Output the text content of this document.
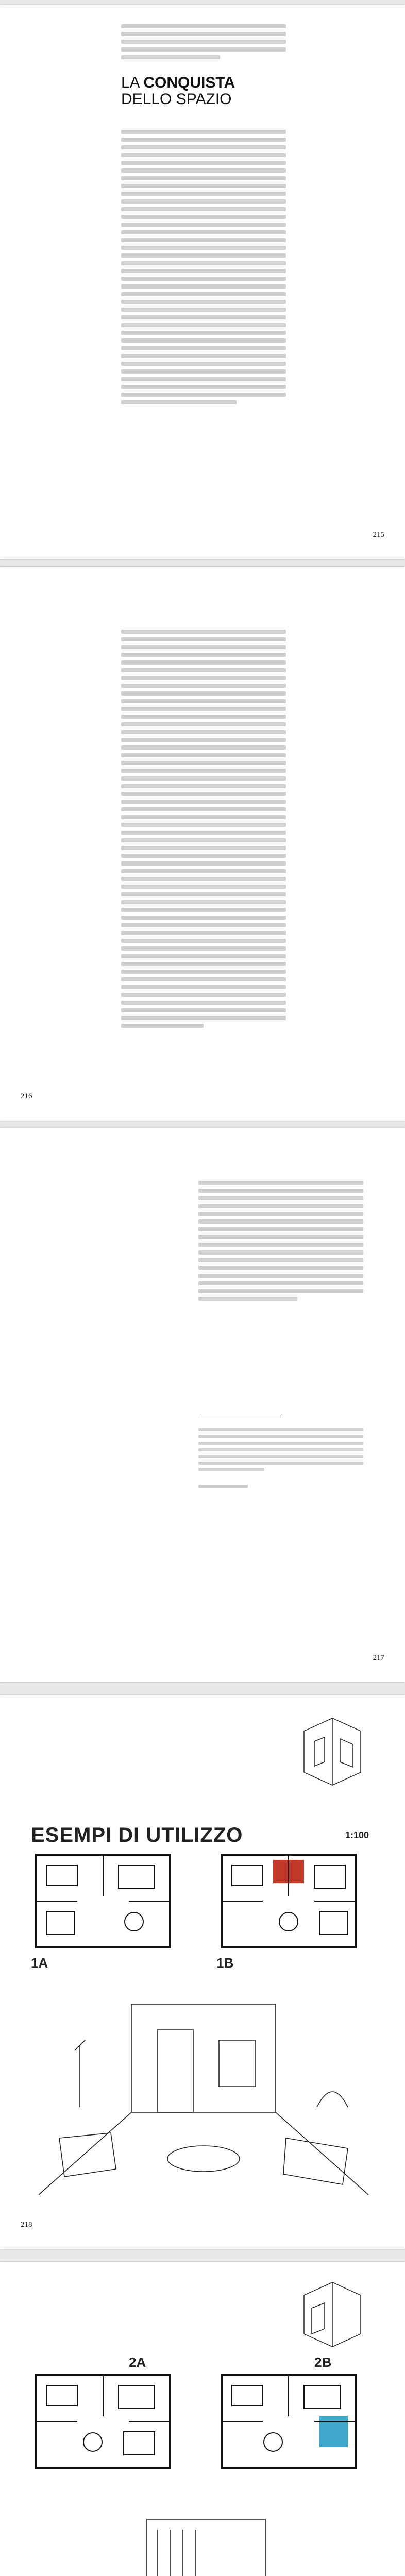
LA CONQUISTA
DELLO SPAZIO
215
216
217
ESEMPI DI UTILIZZO	1:100
1A	1B
218
2A	2B
